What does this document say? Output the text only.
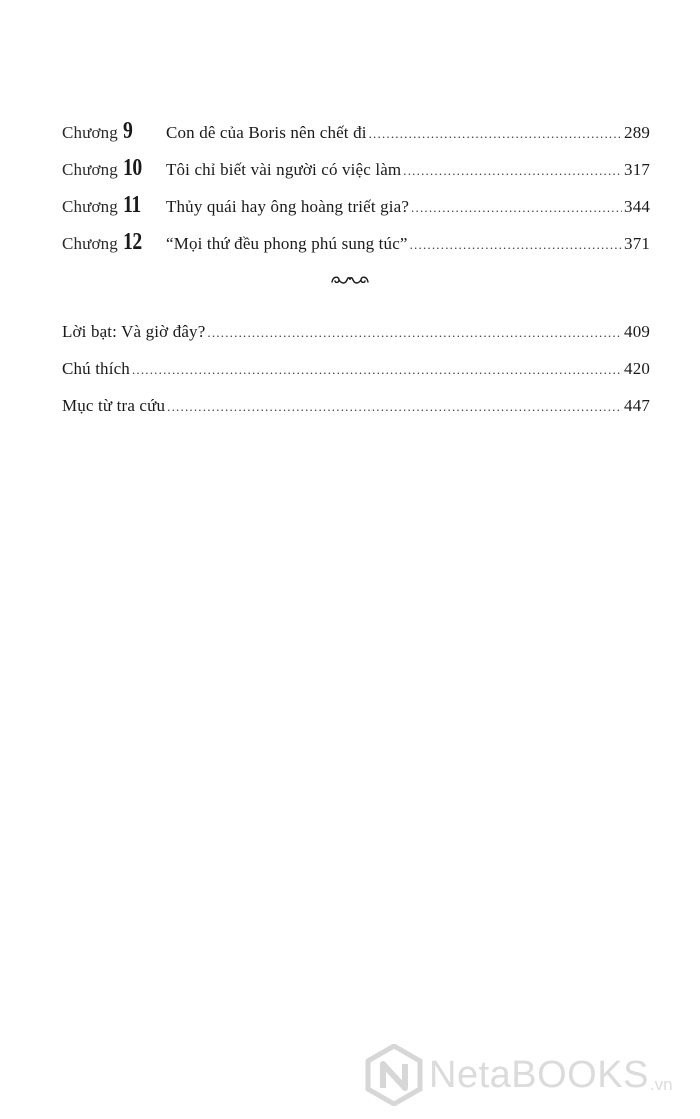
Chương 9	Con dê của Boris nên chết đi .....	289
Chương 10	Tôi chỉ biết vài người có việc làm .....	317
Chương 11	Thủy quái hay ông hoàng triết gia? .....	344
Chương 12	“Mọi thứ đều phong phú sung túc” .....	371
Lời bạt: Và giờ đây? .....	409
Chú thích .....	420
Mục từ tra cứu .....	447
NetaBOOKS .vn
